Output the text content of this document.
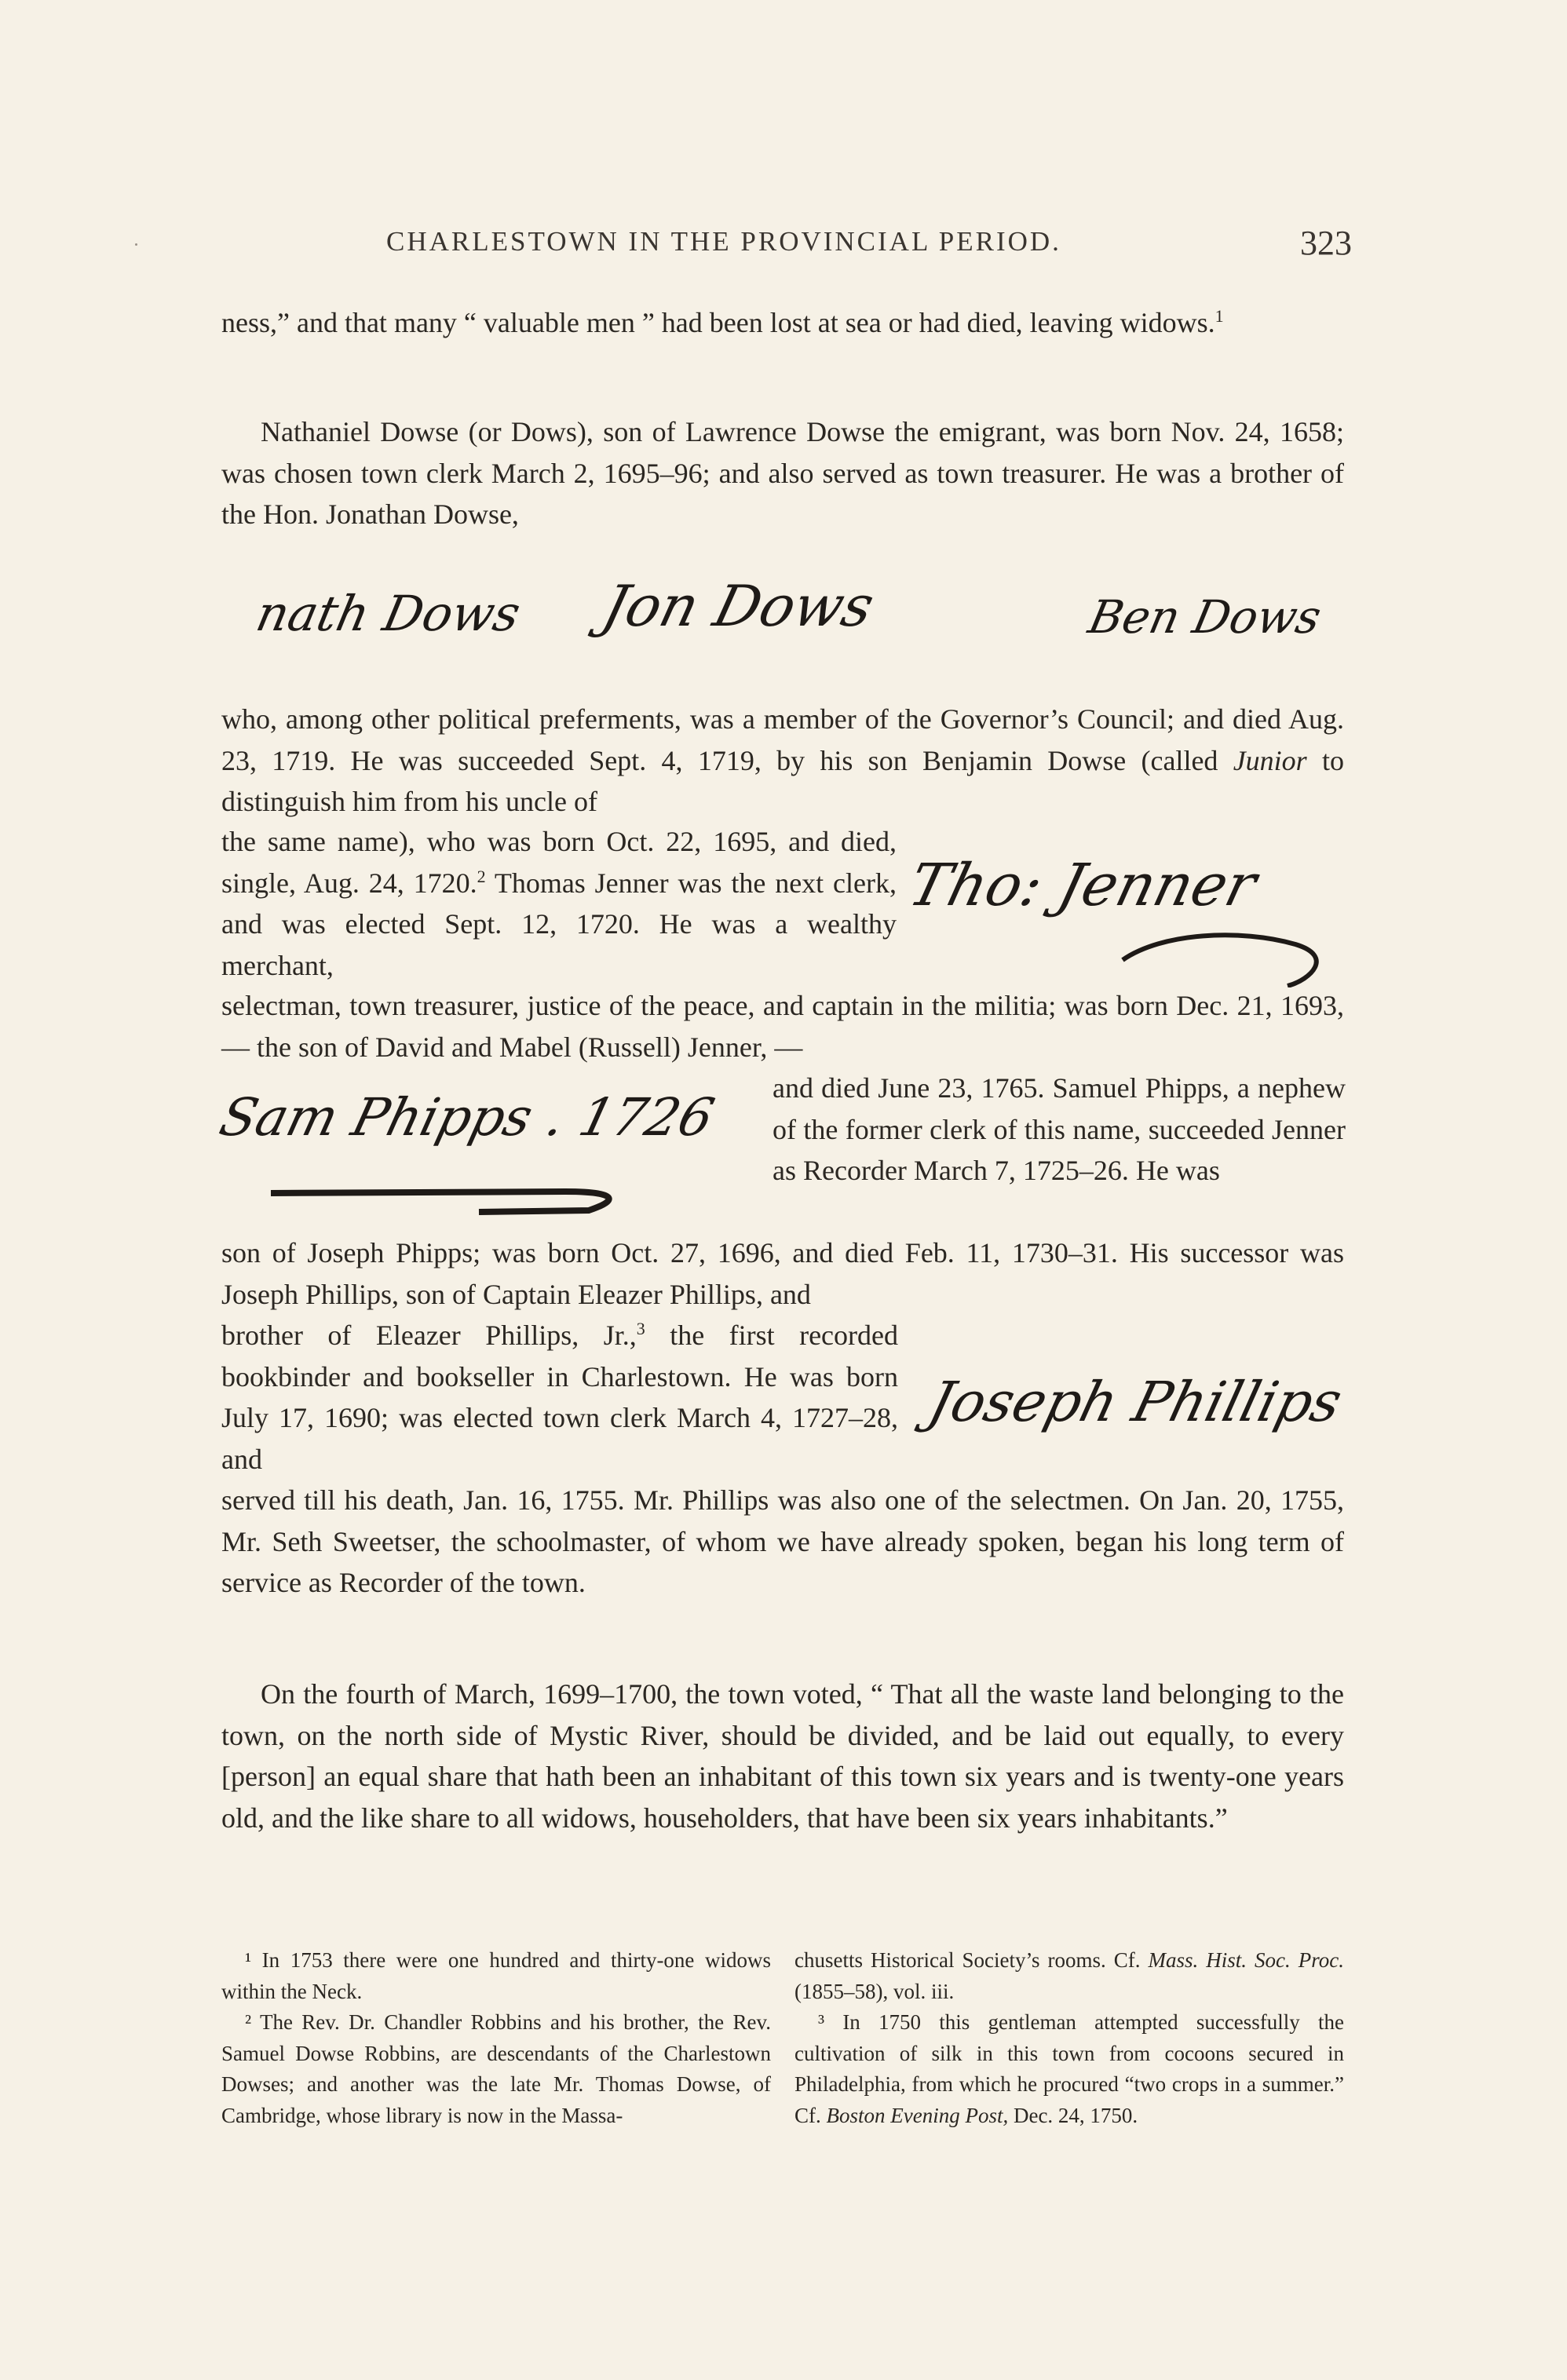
CHARLESTOWN IN THE PROVINCIAL PERIOD.	323

ness,” and that many “ valuable men ” had been lost at sea or had died, leaving widows.$^1$

Nathaniel Dowse (or Dows), son of Lawrence Dowse the emigrant, was born Nov. 24, 1658; was chosen town clerk March 2, 1695–96; and also served as town treasurer. He was a brother of the Hon. Jonathan Dowse,

nath Dows Jon Dows	Ben Dows

who, among other political preferments, was a member of the Governor’s Council; and died Aug. 23, 1719. He was succeeded Sept. 4, 1719, by his son Benjamin Dowse (called Junior to distinguish him from his uncle of

the same name), who was born Oct. 22, 1695, and died, single, Aug. 24, 1720.$^2$ Thomas Jenner was the next clerk, and was elected Sept. 12, 1720. He was a wealthy merchant,

Tho: Jenner

selectman, town treasurer, justice of the peace, and captain in the militia; was born Dec. 21, 1693, — the son of David and Mabel (Russell) Jenner, —

Sam Phipps . 1726 and died June 23, 1765. Samuel Phipps, a nephew of the former clerk of this name, succeeded Jenner as Recorder March 7, 1725–26. He was

son of Joseph Phipps; was born Oct. 27, 1696, and died Feb. 11, 1730–31. His successor was Joseph Phillips, son of Captain Eleazer Phillips, and

brother of Eleazer Phillips, Jr.,$^3$ the first recorded bookbinder and bookseller in Charlestown. He was born July 17, 1690; was elected town clerk March 4, 1727–28, and

Joseph Phillips

served till his death, Jan. 16, 1755. Mr. Phillips was also one of the selectmen. On Jan. 20, 1755, Mr. Seth Sweetser, the schoolmaster, of whom we have already spoken, began his long term of service as Recorder of the town.

On the fourth of March, 1699–1700, the town voted, “ That all the waste land belonging to the town, on the north side of Mystic River, should be divided, and be laid out equally, to every [person] an equal share that hath been an inhabitant of this town six years and is twenty-one years old, and the like share to all widows, householders, that have been six years inhabitants.”

¹ In 1753 there were one hundred and thirty-one widows within the Neck.

² The Rev. Dr. Chandler Robbins and his brother, the Rev. Samuel Dowse Robbins, are descendants of the Charlestown Dowses; and another was the late Mr. Thomas Dowse, of Cambridge, whose library is now in the Massa-

chusetts Historical Society’s rooms. Cf. Mass. Hist. Soc. Proc. (1855–58), vol. iii.

³ In 1750 this gentleman attempted successfully the cultivation of silk in this town from cocoons secured in Philadelphia, from which he procured “two crops in a summer.” Cf. Boston Evening Post, Dec. 24, 1750.
